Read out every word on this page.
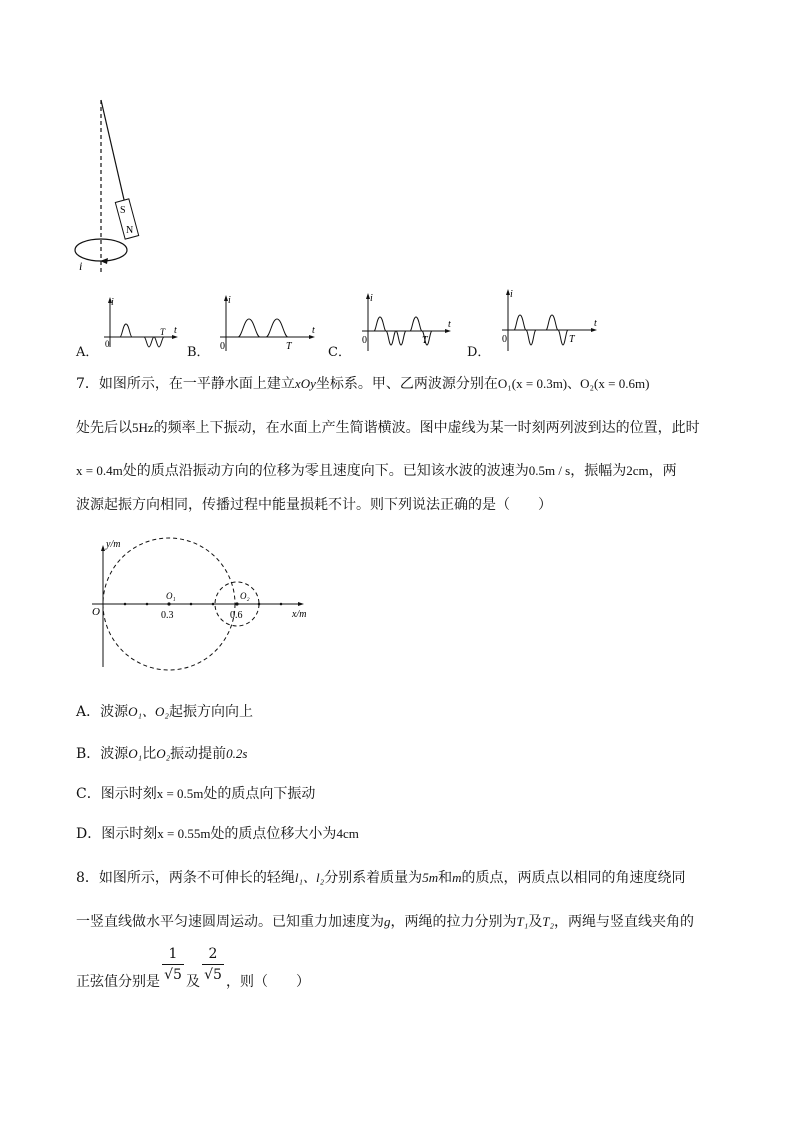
S
N
i
A．
i
t
0
T
B．
i
t
0	T	C．
i
t
0	T
D．
i
t
0	T
7．如图所示，在一平静水面上建立xOy坐标系。甲、乙两波源分别在O₁(x = 0.3m)、O₂(x = 0.6m)
处先后以5Hz的频率上下振动，在水面上产生简谐横波。图中虚线为某一时刻两列波到达的位置，此时
x = 0.4m处的质点沿振动方向的位移为零且速度向下。已知该水波的波速为0.5m / s，振幅为2cm，两
波源起振方向相同，传播过程中能量损耗不计。则下列说法正确的是（　　）
y/m
x/m
O
O₁	O₂
0.3	0.6
A．波源O₁、O₂起振方向向上
B．波源O₁比O₂振动提前0.2s
C．图示时刻x = 0.5m处的质点向下振动
D．图示时刻x = 0.55m处的质点位移大小为4cm
8．如图所示，两条不可伸长的轻绳l₁、l₂分别系着质量为5m和m的质点，两质点以相同的角速度绕同
一竖直线做水平匀速圆周运动。已知重力加速度为g，两绳的拉力分别为T₁及T₂，两绳与竖直线夹角的
正弦值分别是
1
√5 及
2
√5 ，则（　　）
